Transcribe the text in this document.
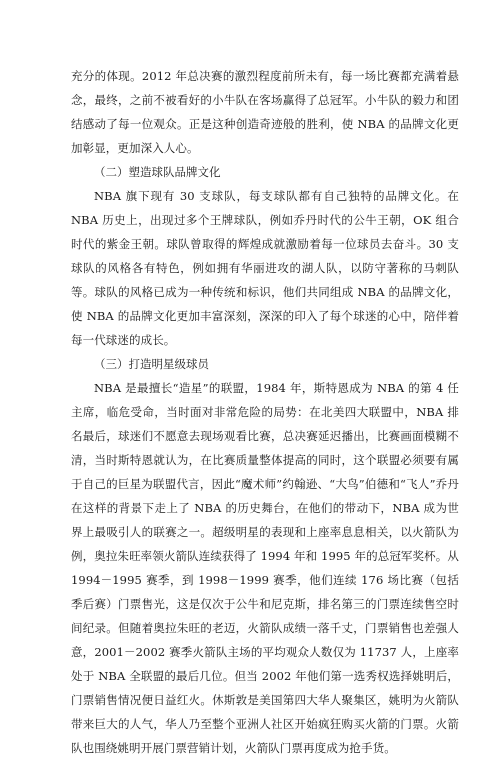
充分的体现。2012 年总决赛的激烈程度前所未有，每一场比赛都充满着悬念，最终，之前不被看好的小牛队在客场赢得了总冠军。小牛队的毅力和团结感动了每一位观众。正是这种创造奇迹般的胜利，使 NBA 的品牌文化更加彰显，更加深入人心。

（二）塑造球队品牌文化

NBA 旗下现有 30 支球队，每支球队都有自己独特的品牌文化。在 NBA 历史上，出现过多个王牌球队，例如乔丹时代的公牛王朝，OK 组合时代的紫金王朝。球队曾取得的辉煌成就激励着每一位球员去奋斗。30 支球队的风格各有特色，例如拥有华丽进攻的湖人队，以防守著称的马刺队等。球队的风格已成为一种传统和标识，他们共同组成 NBA 的品牌文化，使 NBA 的品牌文化更加丰富深刻，深深的印入了每个球迷的心中，陪伴着每一代球迷的成长。

（三）打造明星级球员

NBA 是最擅长“造星”的联盟，1984 年，斯特恩成为 NBA 的第 4 任主席，临危受命，当时面对非常危险的局势：在北美四大联盟中，NBA 排名最后，球迷们不愿意去现场观看比赛，总决赛延迟播出，比赛画面模糊不清，当时斯特恩就认为，在比赛质量整体提高的同时，这个联盟必须要有属于自己的巨星为联盟代言，因此“魔术师”约翰逊、“大鸟”伯德和“飞人”乔丹在这样的背景下走上了 NBA 的历史舞台，在他们的带动下，NBA 成为世界上最吸引人的联赛之一。超级明星的表现和上座率息息相关，以火箭队为例，奥拉朱旺率领火箭队连续获得了 1994 年和 1995 年的总冠军奖杯。从 1994－1995 赛季，到 1998－1999 赛季，他们连续 176 场比赛（包括季后赛）门票售光，这是仅次于公牛和尼克斯，排名第三的门票连续售空时间纪录。但随着奥拉朱旺的老迈，火箭队成绩一落千丈，门票销售也差强人意，2001－2002 赛季火箭队主场的平均观众人数仅为 11737 人，上座率处于 NBA 全联盟的最后几位。但当 2002 年他们第一选秀权选择姚明后，门票销售情况便日益红火。休斯敦是美国第四大华人聚集区，姚明为火箭队带来巨大的人气，华人乃至整个亚洲人社区开始疯狂购买火箭的门票。火箭队也围绕姚明开展门票营销计划，火箭队门票再度成为抢手货。
